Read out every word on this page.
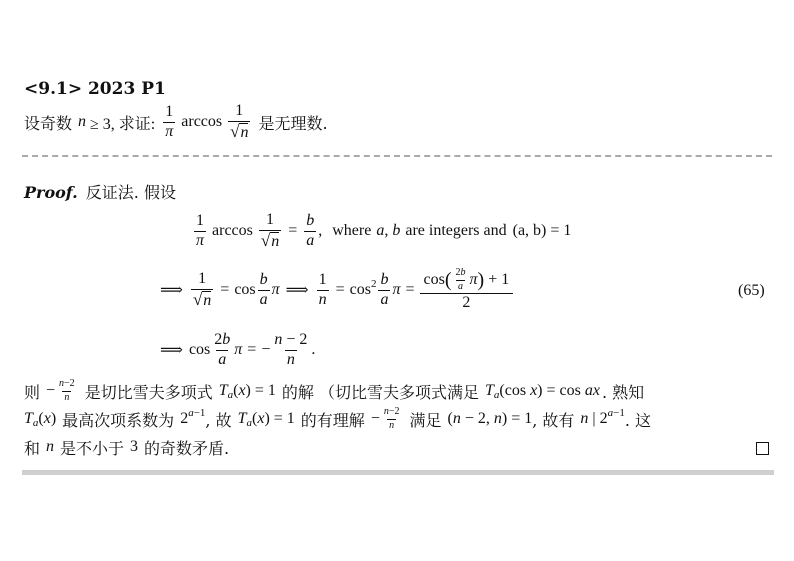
<9.1> 2023 P1
设奇数 n ≥ 3, 求证: $\frac{1}{\pi}$ $\arccos \frac{1}{√n}$ 是无理数.
Proof. 反证法. 假设
$\frac{1}{\pi}$ $\arccos \frac{1}{√n} = \frac{b}{a}$ , where a, b are integers and (a, b) = 1
⟹ $\frac{1}{√n} = \cos \frac{b}{a}$ π ⟹ $\frac{1}{n} = \cos^2 \frac{b}{a}$ $\pi = \frac{\cos ( \frac{2b}{a} \pi ) + 1}{2}$	(65)
⟹ $\cos \frac{2b}{a}$ π = − $\frac{n - 2}{n}$ .
则 − $\frac{n-2}{n}$ 是切比雪夫多项式 $T_a(x) = 1$ 的解 （切比雪夫多项式满足 $T_a(\cos$ x) = cos ax . 熟知
$T_a(x)$ 最高次项系数为 $2^{a-1}$ , 故 $T_a(x) = 1$ 的有理解 − $\frac{n-2}{n}$ 满足 (n − 2, n) = 1 , 故有 n | $2^{a-1}$ . 这
和 n 是不小于 3 的奇数矛盾.
